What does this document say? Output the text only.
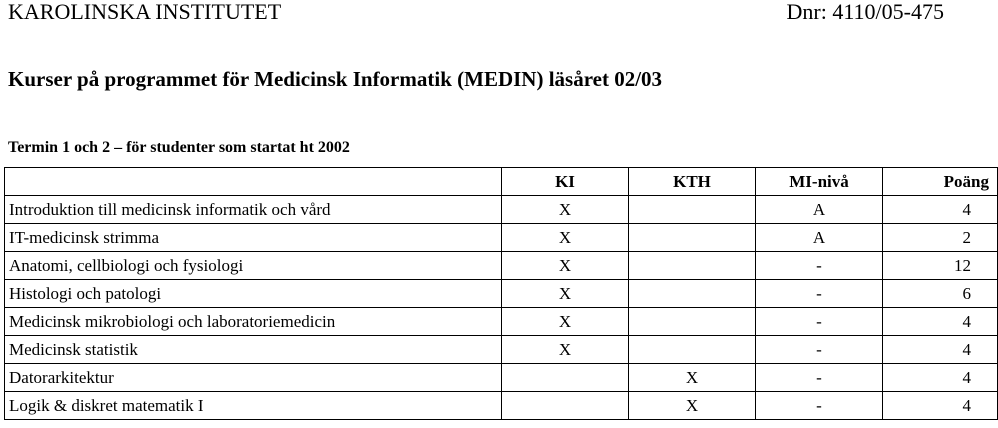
KAROLINSKA INSTITUTET	Dnr: 4110/05-475
Kurser på programmet för Medicinsk Informatik (MEDIN) läsåret 02/03
Termin 1 och 2 – för studenter som startat ht 2002
	KI	KTH	MI-nivå	Poäng
Introduktion till medicinsk informatik och vård	X		A	4
IT-medicinsk strimma	X		A	2
Anatomi, cellbiologi och fysiologi	X		-	12
Histologi och patologi	X		-	6
Medicinsk mikrobiologi och laboratoriemedicin	X		-	4
Medicinsk statistik	X		-	4
Datorarkitektur		X	-	4
Logik & diskret matematik I		X	-	4
